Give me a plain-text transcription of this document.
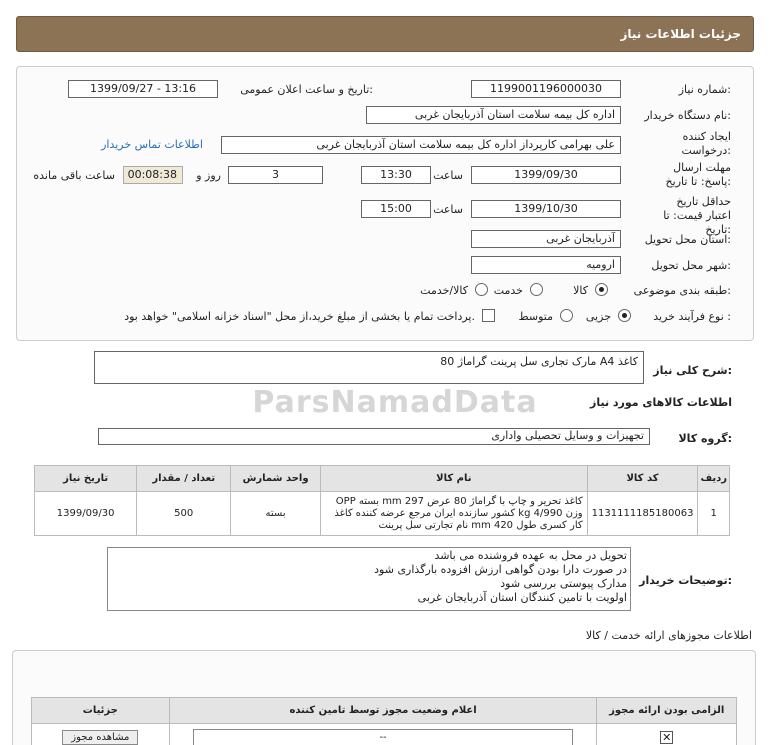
جزئیات اطلاعات نیاز
شماره نیاز:
1199001196000030
تاریخ و ساعت اعلان عمومی:
1399/09/27 - 13:16
نام دستگاه خریدار:
اداره کل بیمه سلامت استان آذربایجان غربی
ایجاد کننده درخواست:
علی بهرامی کارپرداز اداره کل بیمه سلامت استان آذربایجان غربی
اطلاعات تماس خریدار
مهلت ارسال پاسخ: تا تاریخ:
1399/09/30
ساعت
13:30
3
روز و
00:08:38
ساعت باقی مانده
حداقل تاریخ اعتبار قیمت: تا تاریخ:
1399/10/30
ساعت
15:00
استان محل تحویل:
آذربایجان غربی
شهر محل تحویل:
ارومیه
طبقه بندی موضوعی:
کالا
خدمت
کالا/خدمت
نوع فرآیند خرید :
جزیی
متوسط
پرداخت تمام یا بخشی از مبلغ خرید،از محل "اسناد خزانه اسلامی" خواهد بود.
شرح کلی نیاز:
کاغذ A4 مارک تجاری سل پرینت گراماژ 80
اطلاعات کالاهای مورد نیاز
ParsNamadData
گروه کالا:
تجهیزات و وسایل تحصیلی واداری
ردیف	کد کالا	نام کالا	واحد شمارش	تعداد / مقدار	تاریخ نیاز
1	1131111185180063	کاغذ تحریر و چاپ با گراماژ 80 عرض 297 mm بسته OPP وزن 4/990 kg کشور سازنده ایران مرجع عرضه کننده کاغذ کار کسری طول 420 mm نام تجارتی سل پرینت	بسته	500	1399/09/30
توضیحات خریدار:
تحویل در محل به عهده فروشنده می باشد
در صورت دارا بودن گواهی ارزش افزوده بارگذاری شود
مدارک پیوستی بررسی شود
اولویت با تامین کنندگان استان آذربایجان غربی
اطلاعات مجوزهای ارائه خدمت / کالا
الزامی بودن ارائه مجوز	اعلام وضعیت مجوز توسط تامین کننده	جزئیات
✕	--	مشاهده مجوز
